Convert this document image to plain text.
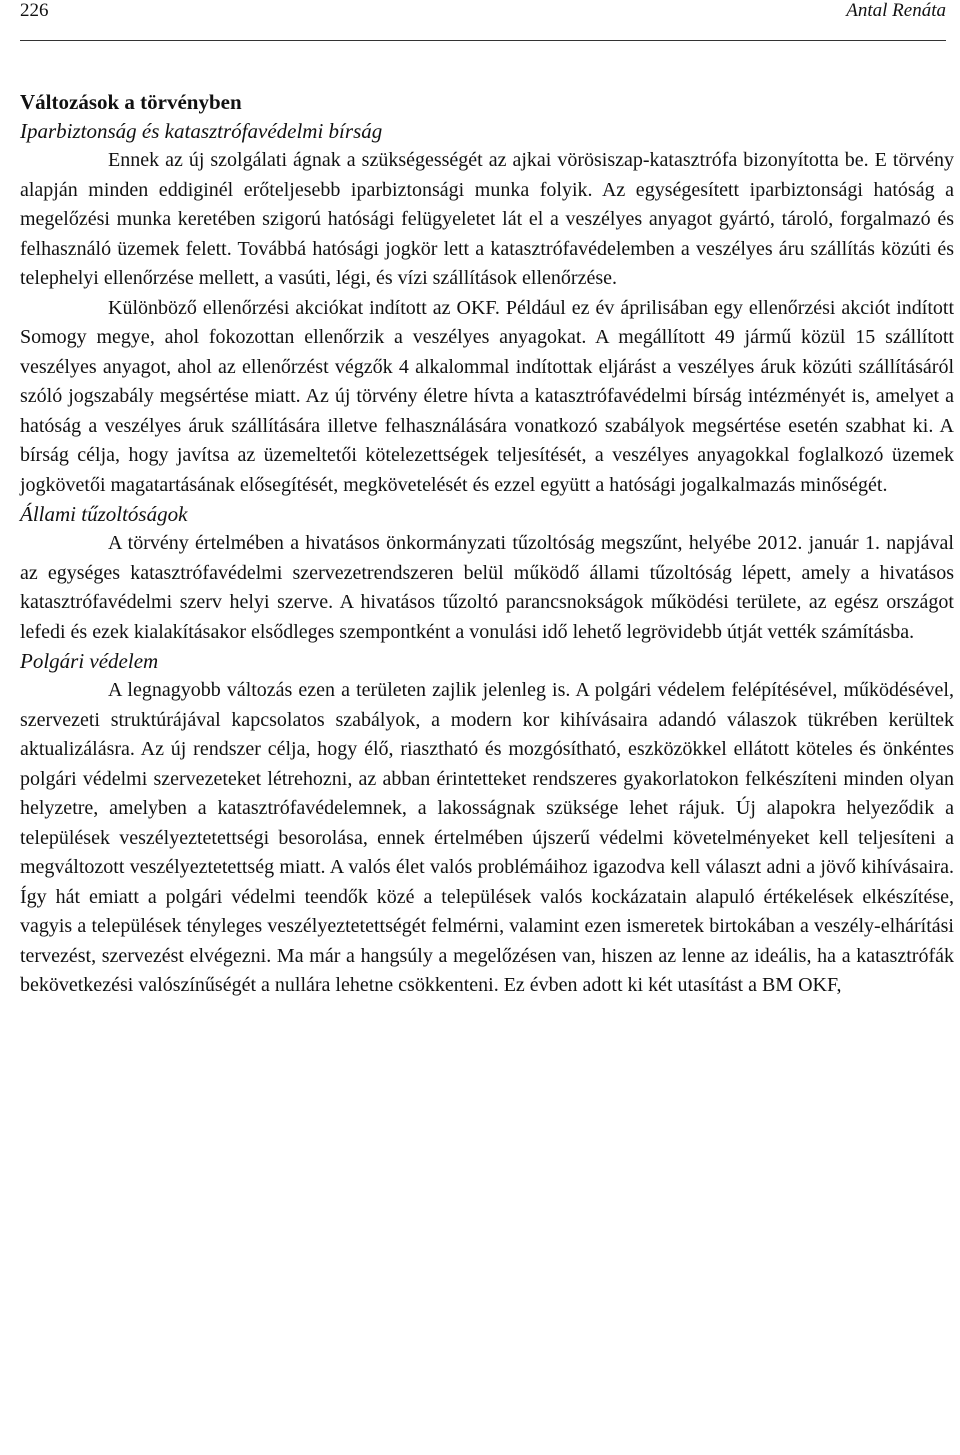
226	Antal Renáta
Változások a törvényben
Iparbiztonság és katasztrófavédelmi bírság

Ennek az új szolgálati ágnak a szükségességét az ajkai vörösiszap-katasztrófa bizonyította be. E törvény alapján minden eddiginél erőteljesebb iparbiztonsági munka folyik. Az egységesített iparbiztonsági hatóság a megelőzési munka keretében szigorú hatósági felügyeletet lát el a veszélyes anyagot gyártó, tároló, forgalmazó és felhasználó üzemek felett. Továbbá hatósági jogkör lett a katasztrófavédelemben a veszélyes áru szállítás közúti és telephelyi ellenőrzése mellett, a vasúti, légi, és vízi szállítások ellenőrzése.

Különböző ellenőrzési akciókat indított az OKF. Például ez év áprilisában egy ellenőrzési akciót indított Somogy megye, ahol fokozottan ellenőrzik a veszélyes anyagokat. A megállított 49 jármű közül 15 szállított veszélyes anyagot, ahol az ellenőrzést végzők 4 alkalommal indítottak eljárást a veszélyes áruk közúti szállításáról szóló jogszabály megsértése miatt. Az új törvény életre hívta a katasztrófavédelmi bírság intézményét is, amelyet a hatóság a veszélyes áruk szállítására illetve felhasználására vonatkozó szabályok megsértése esetén szabhat ki. A bírság célja, hogy javítsa az üzemeltetői kötelezettségek teljesítését, a veszélyes anyagokkal foglalkozó üzemek jogkövetői magatartásának elősegítését, megkövetelését és ezzel együtt a hatósági jogalkalmazás minőségét.

Állami tűzoltóságok

A törvény értelmében a hivatásos önkormányzati tűzoltóság megszűnt, helyébe 2012. január 1. napjával az egységes katasztrófavédelmi szervezetrendszeren belül működő állami tűzoltóság lépett, amely a hivatásos katasztrófavédelmi szerv helyi szerve. A hivatásos tűzoltó parancsnokságok működési területe, az egész országot lefedi és ezek kialakításakor elsődleges szempontként a vonulási idő lehető legrövidebb útját vették számításba.

Polgári védelem

A legnagyobb változás ezen a területen zajlik jelenleg is. A polgári védelem felépítésével, működésével, szervezeti struktúrájával kapcsolatos szabályok, a modern kor kihívásaira adandó válaszok tükrében kerültek aktualizálásra. Az új rendszer célja, hogy élő, riasztható és mozgósítható, eszközökkel ellátott köteles és önkéntes polgári védelmi szervezeteket létrehozni, az abban érintetteket rendszeres gyakorlatokon felkészíteni minden olyan helyzetre, amelyben a katasztrófavédelemnek, a lakosságnak szüksége lehet rájuk. Új alapokra helyeződik a települések veszélyeztetettségi besorolása, ennek értelmében újszerű védelmi követelményeket kell teljesíteni a megváltozott veszélyeztetettség miatt. A valós élet valós problémáihoz igazodva kell választ adni a jövő kihívásaira. Így hát emiatt a polgári védelmi teendők közé a települések valós kockázatain alapuló értékelések elkészítése, vagyis a települések tényleges veszélyeztetettségét felmérni, valamint ezen ismeretek birtokában a veszély-elhárítási tervezést, szervezést elvégezni. Ma már a hangsúly a megelőzésen van, hiszen az lenne az ideális, ha a katasztrófák bekövetkezési valószínűségét a nullára lehetne csökkenteni. Ez évben adott ki két utasítást a BM OKF,
